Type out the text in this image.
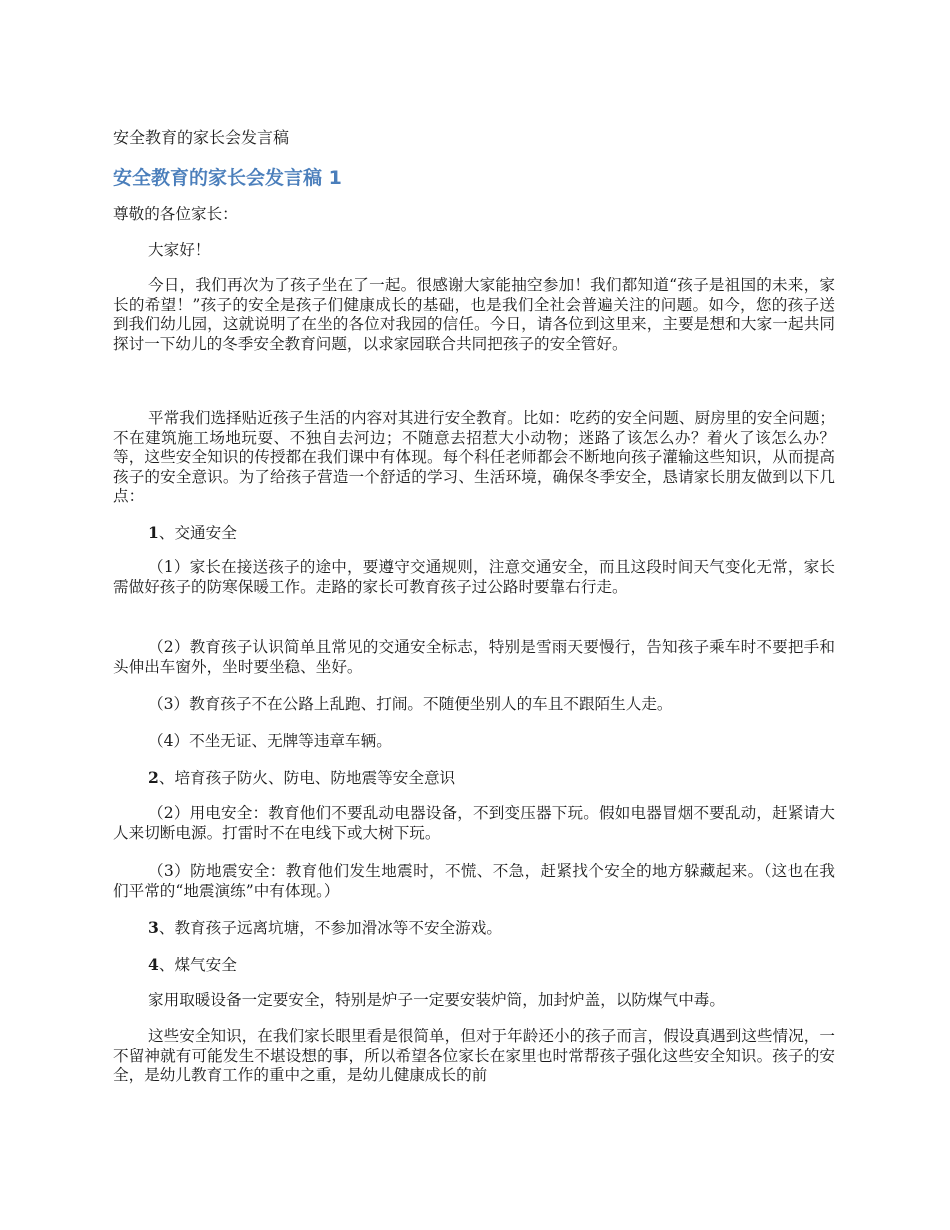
安全教育的家长会发言稿
安全教育的家长会发言稿 1

尊敬的各位家长：

大家好！

今日，我们再次为了孩子坐在了一起。很感谢大家能抽空参加！我们都知道“孩子是祖国的未来，家长的希望！”孩子的安全是孩子们健康成长的基础，也是我们全社会普遍关注的问题。如今，您的孩子送到我们幼儿园，这就说明了在坐的各位对我园的信任。今日，请各位到这里来，主要是想和大家一起共同探讨一下幼儿的冬季安全教育问题，以求家园联合共同把孩子的安全管好。

平常我们选择贴近孩子生活的内容对其进行安全教育。比如：吃药的安全问题、厨房里的安全问题；不在建筑施工场地玩耍、不独自去河边；不随意去招惹大小动物；迷路了该怎么办？着火了该怎么办？等，这些安全知识的传授都在我们课中有体现。每个科任老师都会不断地向孩子灌输这些知识，从而提高孩子的安全意识。为了给孩子营造一个舒适的学习、生活环境，确保冬季安全，恳请家长朋友做到以下几点：

1、交通安全

（1）家长在接送孩子的途中，要遵守交通规则，注意交通安全，而且这段时间天气变化无常，家长需做好孩子的防寒保暖工作。走路的家长可教育孩子过公路时要靠右行走。

（2）教育孩子认识简单且常见的交通安全标志，特别是雪雨天要慢行，告知孩子乘车时不要把手和头伸出车窗外，坐时要坐稳、坐好。

（3）教育孩子不在公路上乱跑、打闹。不随便坐别人的车且不跟陌生人走。

（4）不坐无证、无牌等违章车辆。

2、培育孩子防火、防电、防地震等安全意识

（2）用电安全：教育他们不要乱动电器设备，不到变压器下玩。假如电器冒烟不要乱动，赶紧请大人来切断电源。打雷时不在电线下或大树下玩。

（3）防地震安全：教育他们发生地震时，不慌、不急，赶紧找个安全的地方躲藏起来。（这也在我们平常的“地震演练”中有体现。）

3、教育孩子远离坑塘，不参加滑冰等不安全游戏。

4、煤气安全

家用取暖设备一定要安全，特别是炉子一定要安装炉筒，加封炉盖，以防煤气中毒。

这些安全知识，在我们家长眼里看是很简单，但对于年龄还小的孩子而言，假设真遇到这些情况，一不留神就有可能发生不堪设想的事，所以希望各位家长在家里也时常帮孩子强化这些安全知识。孩子的安全，是幼儿教育工作的重中之重，是幼儿健康成长的前
